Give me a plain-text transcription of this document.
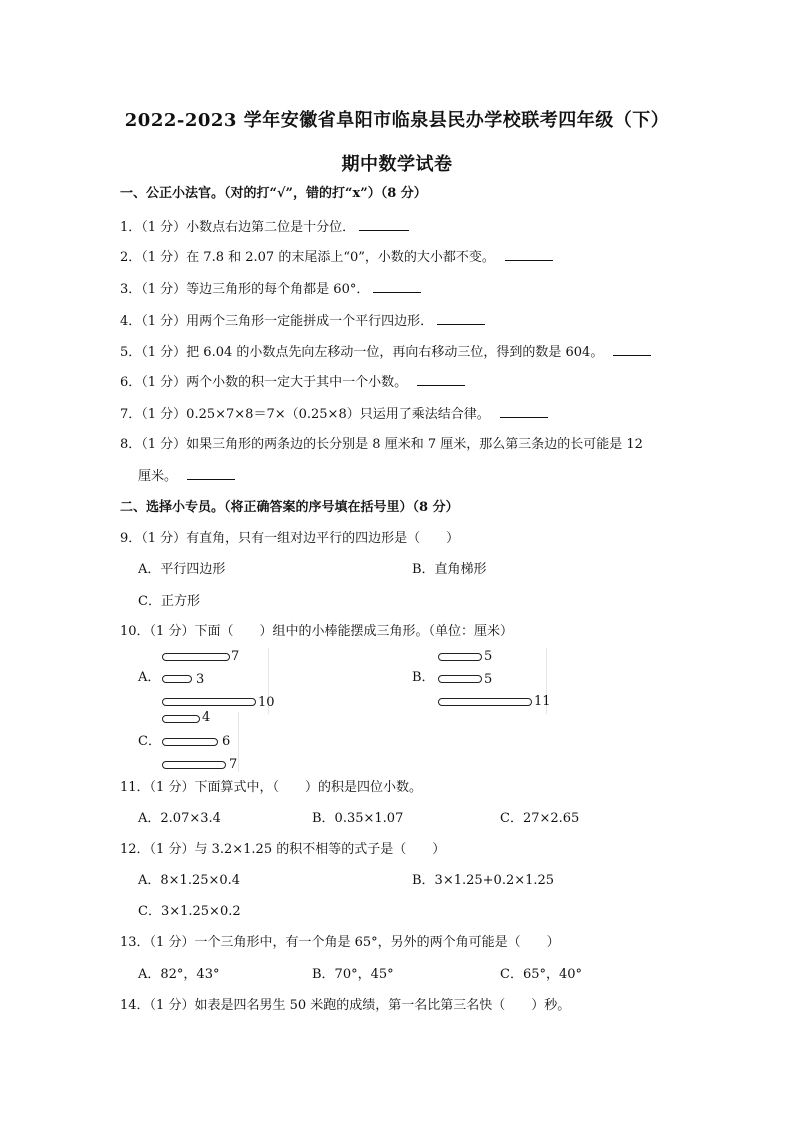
2022-2023 学年安徽省阜阳市临泉县民办学校联考四年级（下）
期中数学试卷
一、公正小法官。（对的打“√”，错的打“x”）（8 分）
1．（1 分）小数点右边第二位是十分位．
2．（1 分）在 7.8 和 2.07 的末尾添上“0”，小数的大小都不变。
3．（1 分）等边三角形的每个角都是 60°．
4．（1 分）用两个三角形一定能拼成一个平行四边形．
5．（1 分）把 6.04 的小数点先向左移动一位，再向右移动三位，得到的数是 604。
6．（1 分）两个小数的积一定大于其中一个小数。
7．（1 分）0.25×7×8＝7×（0.25×8）只运用了乘法结合律。
8．（1 分）如果三角形的两条边的长分别是 8 厘米和 7 厘米，那么第三条边的长可能是 12
厘米。
二、选择小专员。（将正确答案的序号填在括号里）（8 分）
9．（1 分）有直角，只有一组对边平行的四边形是（　　）
A．平行四边形	B．直角梯形
C．正方形
10．（1 分）下面（　　）组中的小棒能摆成三角形。（单位：厘米）
A．
7
3
10
B．
5
5
11
C．
4
6
7
11．（1 分）下面算式中，（　　）的积是四位小数。
A．2.07×3.4	B．0.35×1.07	C．27×2.65
12．（1 分）与 3.2×1.25 的积不相等的式子是（　　）
A．8×1.25×0.4	B．3×1.25+0.2×1.25
C．3×1.25×0.2
13．（1 分）一个三角形中，有一个角是 65°，另外的两个角可能是（　　）
A．82°，43°	B．70°，45°	C．65°，40°
14．（1 分）如表是四名男生 50 米跑的成绩，第一名比第三名快（　　）秒。
